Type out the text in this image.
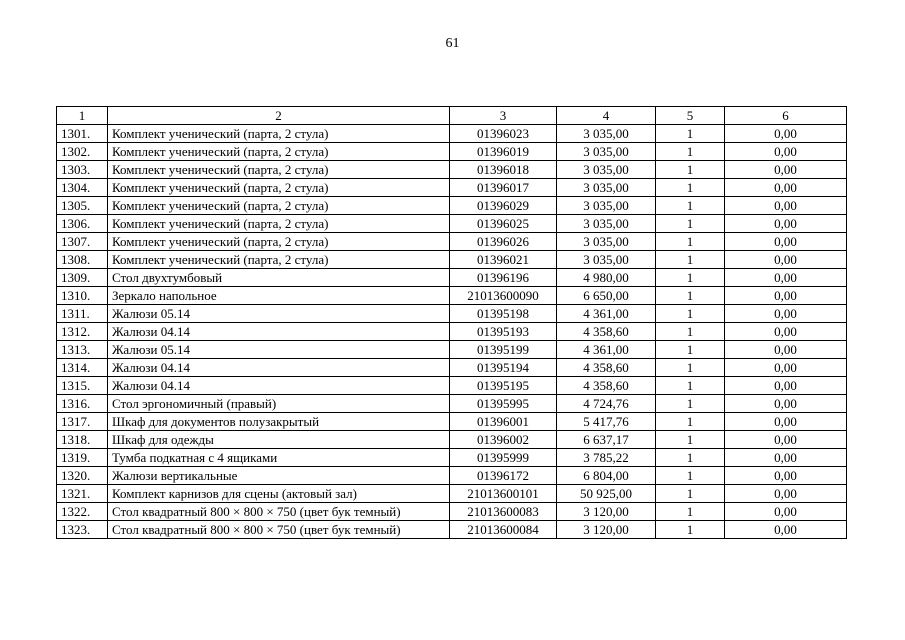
61
1	2	3	4	5	6
1301.	Комплект ученический (парта, 2 стула)	01396023	3 035,00	1	0,00
1302.	Комплект ученический (парта, 2 стула)	01396019	3 035,00	1	0,00
1303.	Комплект ученический (парта, 2 стула)	01396018	3 035,00	1	0,00
1304.	Комплект ученический (парта, 2 стула)	01396017	3 035,00	1	0,00
1305.	Комплект ученический (парта, 2 стула)	01396029	3 035,00	1	0,00
1306.	Комплект ученический (парта, 2 стула)	01396025	3 035,00	1	0,00
1307.	Комплект ученический (парта, 2 стула)	01396026	3 035,00	1	0,00
1308.	Комплект ученический (парта, 2 стула)	01396021	3 035,00	1	0,00
1309.	Стол двухтумбовый	01396196	4 980,00	1	0,00
1310.	Зеркало напольное	21013600090	6 650,00	1	0,00
1311.	Жалюзи 05.14	01395198	4 361,00	1	0,00
1312.	Жалюзи 04.14	01395193	4 358,60	1	0,00
1313.	Жалюзи 05.14	01395199	4 361,00	1	0,00
1314.	Жалюзи 04.14	01395194	4 358,60	1	0,00
1315.	Жалюзи 04.14	01395195	4 358,60	1	0,00
1316.	Стол эргономичный (правый)	01395995	4 724,76	1	0,00
1317.	Шкаф для документов полузакрытый	01396001	5 417,76	1	0,00
1318.	Шкаф для одежды	01396002	6 637,17	1	0,00
1319.	Тумба подкатная с 4 ящиками	01395999	3 785,22	1	0,00
1320.	Жалюзи вертикальные	01396172	6 804,00	1	0,00
1321.	Комплект карнизов для сцены (актовый зал)	21013600101	50 925,00	1	0,00
1322.	Стол квадратный 800 × 800 × 750 (цвет бук темный)	21013600083	3 120,00	1	0,00
1323.	Стол квадратный 800 × 800 × 750 (цвет бук темный)	21013600084	3 120,00	1	0,00
